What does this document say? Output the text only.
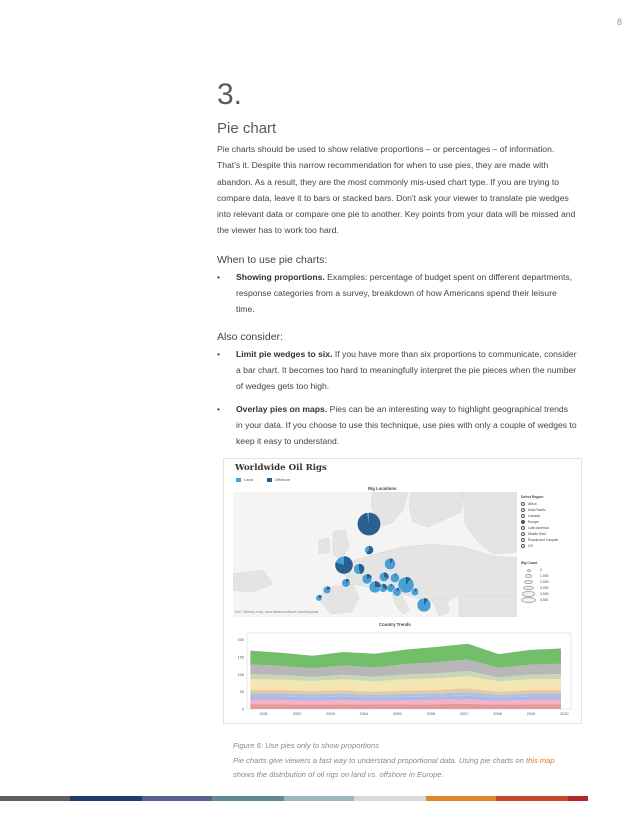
8
3.
Pie chart

Pie charts should be used to show relative proportions – or percentages – of information. That's it. Despite this narrow recommendation for when to use pies, they are made with abandon. As a result, they are the most commonly mis-used chart type. If you are trying to compare data, leave it to bars or stacked bars. Don't ask your viewer to translate pie wedges into relevant data or compare one pie to another. Key points from your data will be missed and the viewer has to work too hard.

When to use pie charts:
• Showing proportions. Examples: percentage of budget spent on different departments, response categories from a survey, breakdown of how Americans spend their leisure time.
Also consider:
• Limit pie wedges to six. If you have more than six proportions to communicate, consider a bar chart. It becomes too hard to meaningfully interpret the pie pieces when the number of wedges gets too high.
• Overlay pies on maps. Pies can be an interesting way to highlight geographical trends in your data. If you choose to use this technique, use pies with only a couple of wedges to keep it easy to understand.
Worldwide Oil Rigs
Land	Offshore
Rig Locations
Esri, Tableau, map, www.tableausoftware.com/mapdata
Select Region
Africa
Asia Pacific
Canada
Europe
Latin America
Middle East
Russia and Caspian
US
Rig Count
2
1,000
2,000
3,000
4,000
5,501
Country Trends
0
50
100
150
200
2001	2002	2003	2004	2005	2006	2007	2008	2009	2010

Figure 6: Use pies only to show proportions

Pie charts give viewers a fast way to understand proportional data. Using pie charts on this map shows the distribution of oil rigs on land vs. offshore in Europe.
